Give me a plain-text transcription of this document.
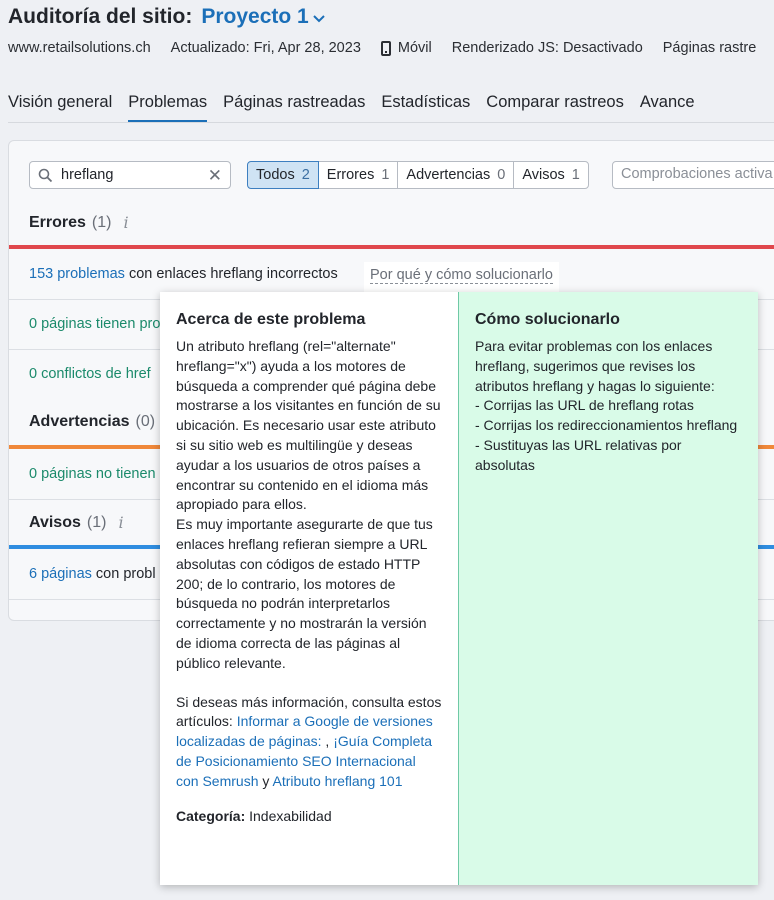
Auditoría del sitio: Proyecto 1
www.retailsolutions.ch Actualizado: Fri, Apr 28, 2023	Móvil Renderizado JS: Desactivado Páginas rastre
Visión general Problemas Páginas rastreadas Estadísticas Comparar rastreos Avance
hreflang	✕ Todos 2 Errores 1 Advertencias 0 Avisos 1	Comprobaciones activa
Errores (1) i
153 problemas con enlaces hreflang incorrectos	Por qué y cómo solucionarlo
0 páginas tienen pro
0 conflictos de href
Advertencias (0)
0 páginas no tienen
Avisos (1) i
6 páginas con probl
Acerca de este problema
Un atributo hreflang (rel="alternate" hreflang="x") ayuda a los motores de búsqueda a comprender qué página debe mostrarse a los visitantes en función de su ubicación. Es necesario usar este atributo si su sitio web es multilingüe y deseas ayudar a los usuarios de otros países a encontrar su contenido en el idioma más apropiado para ellos.
Es muy importante asegurarte de que tus enlaces hreflang refieran siempre a URL absolutas con códigos de estado HTTP 200; de lo contrario, los motores de búsqueda no podrán interpretarlos correctamente y no mostrarán la versión de idioma correcta de las páginas al público relevante.
Si deseas más información, consulta estos artículos: Informar a Google de versiones localizadas de páginas: , ¡Guía Completa de Posicionamiento SEO Internacional con Semrush y Atributo hreflang 101
Categoría: Indexabilidad
Cómo solucionarlo
Para evitar problemas con los enlaces hreflang, sugerimos que revises los atributos hreflang y hagas lo siguiente:
- Corrijas las URL de hreflang rotas
- Corrijas los redireccionamientos hreflang
- Sustituyas las URL relativas por absolutas
